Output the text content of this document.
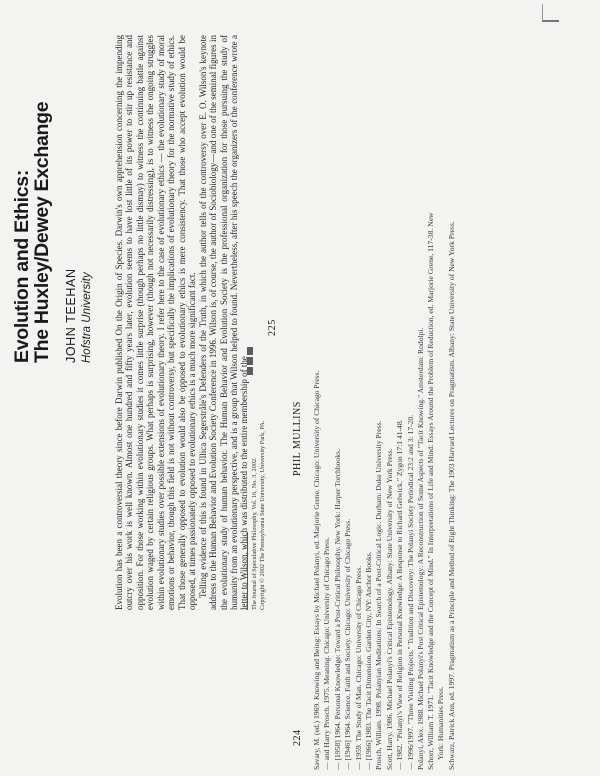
224
PHIL MULLINS Savary, M. (ed.) 1969. Knowing and Being: Essays by Michael Polanyi, ed. Marjorie Grene. Chicago: University of Chicago Press. — and Harry Prosch. 1975. Meaning. Chicago: University of Chicago Press. — [1958] 1964. Personal Knowledge: Toward a Post-Critical Philosophy. New York: Harper Torchbooks. — [1946] 1964. Science, Faith and Society. Chicago: University of Chicago Press. — 1959. The Study of Man. Chicago: University of Chicago Press. — [1966] 1983. The Tacit Dimension. Garden City, NY: Anchor Books. Prosch, William. 1998. Polanyian Meditations: In Search of a Post-Critical Logic. Durham: Duke University Press. Scott, Harry. 1986. Michael Polanyi's Critical Epistemology. Albany: State University of New York Press. — 1982. "Polanyi's View of Religion in Personal Knowledge: A Response to Richard Gelwick." Zygon 17:1 41-48. — 1996/1997. "Three Visiting Projects." Tradition and Discovery: The Polanyi Society Periodical 23:2 and 3: 17-20. Polanyi, Alex. 1988. Michael Polanyi's Post Critical Epistemology: A Reconstruction of Some Aspects of "Tacit Knowing." Amsterdam: Rodolpi. Schorr, William T. 1971. "Tacit Knowledge and the Concept of Mind." In Interpretations of Life and Mind: Essays Around the Problem of Reduction, ed. Marjorie Grene, 117-38. New York: Humanities Press. Schwarz, Patrick Ann, ed. 1997. Pragmatism as a Principle and Method of Right Thinking: The 1903 Harvard Lectures on Pragmatism. Albany: State University of New York Press.
Evolution and Ethics:
The Huxley/Dewey Exchange JOHN TEEHAN Hofstra University Evolution has been a controversial theory since before Darwin published On the Origin of Species. Darwin's own apprehension concerning the impending outcry over his work is well known. Almost one hundred and fifty years later, evolution seems to have lost little of its power to stir up resistance and opposition. For those working within evolutionary studies it comes little surprise (though perhaps no little dismay) to witness the continuing battle against evolution waged by certain religious groups. What perhaps is surprising, however (though not necessarily distressing), is to witness the ongoing struggles within evolutionary studies over possible extensions of evolutionary theory. I refer here to the case of evolutionary ethics — the evolutionary study of moral emotions or behavior, though this field is not without controversy, but specifically the implications of evolutionary theory for the normative study of ethics. That those generally opposed to evolution would also be opposed to evolutionary ethics is mere consistency. That those who accept evolution would be opposed, at times passionately opposed to evolutionary ethics is a much more significant fact. Telling evidence of this is found in Ullica Segerstråle's Defenders of the Truth, in which the author tells of the controversy over E. O. Wilson's keynote address to the Human Behavior and Evolution Society Conference in 1996. Wilson is, of course, the author of Sociobiology—and one of the seminal figures in the evolutionary study of human behavior. The Human Behavior and Evolution Society is the professional organization for those pursuing the study of humanity from an evolutionary perspective, and is a group that Wilson helped to found. Nevertheless, after his speech the organizers of the conference wrote a letter to Wilson, which was distributed to the entire membership of the The Journal of Speculative Philosophy, Vol. 16, No. 3, 2002. Copyright © 2002 The Pennsylvania State University, University Park, PA.
225
